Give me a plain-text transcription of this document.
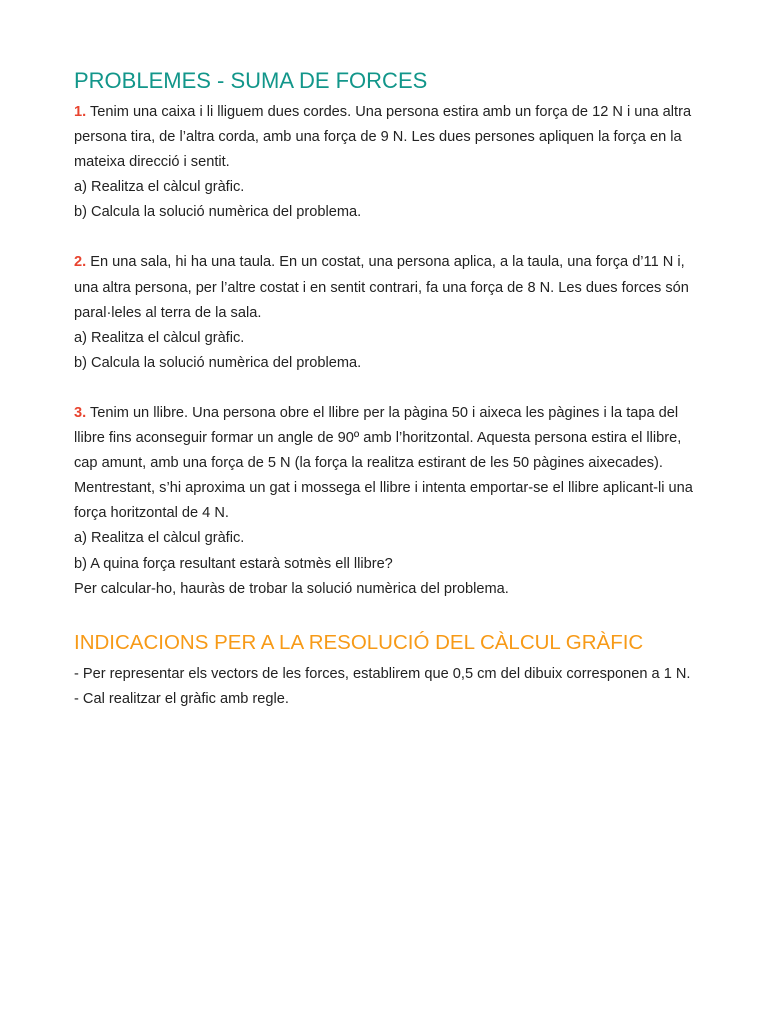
PROBLEMES - SUMA DE FORCES

1. Tenim una caixa i li lliguem dues cordes. Una persona estira amb un força de 12 N i una altra persona tira, de l’altra corda, amb una força de 9 N. Les dues persones apliquen la força en la mateixa direcció i sentit.

a) Realitza el càlcul gràfic.

b) Calcula la solució numèrica del problema.

2. En una sala, hi ha una taula. En un costat, una persona aplica, a la taula, una força d’11 N i, una altra persona, per l’altre costat i en sentit contrari, fa una força de 8 N. Les dues forces són paral·leles al terra de la sala.

a) Realitza el càlcul gràfic.

b) Calcula la solució numèrica del problema.

3. Tenim un llibre. Una persona obre el llibre per la pàgina 50 i aixeca les pàgines i la tapa del llibre fins aconseguir formar un angle de 90º amb l’horitzontal. Aquesta persona estira el llibre, cap amunt, amb una força de 5 N (la força la realitza estirant de les 50 pàgines aixecades). Mentrestant, s’hi aproxima un gat i mossega el llibre i intenta emportar-se el llibre aplicant-li una força horitzontal de 4 N.

a) Realitza el càlcul gràfic.

b) A quina força resultant estarà sotmès ell llibre?

Per calcular-ho, hauràs de trobar la solució numèrica del problema.

INDICACIONS PER A LA RESOLUCIÓ DEL CÀLCUL GRÀFIC

- Per representar els vectors de les forces, establirem que 0,5 cm del dibuix corresponen a 1 N.

- Cal realitzar el gràfic amb regle.
